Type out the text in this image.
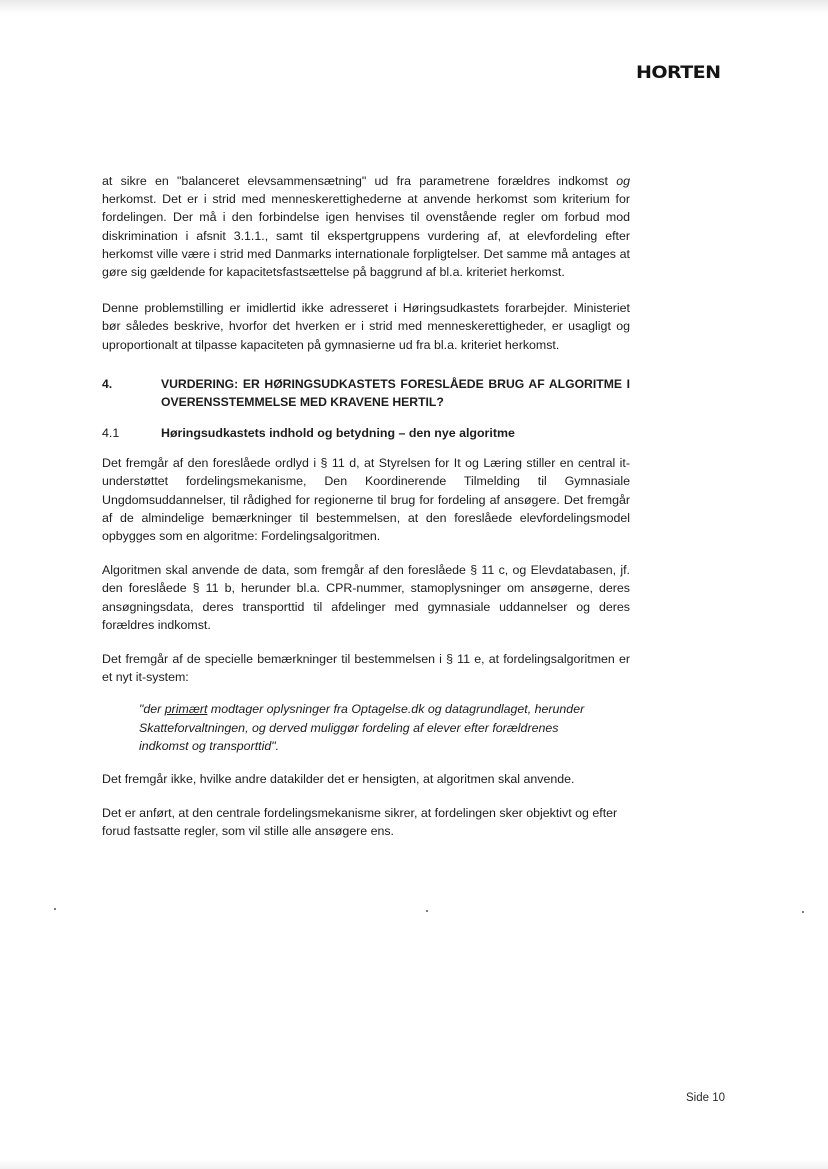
HORTEN

at sikre en "balanceret elevsammensætning" ud fra parametrene forældres indkomst og herkomst. Det er i strid med menneskerettighederne at anvende herkomst som kriterium for fordelingen. Der må i den forbindelse igen henvises til ovenstående regler om forbud mod diskrimination i afsnit 3.1.1., samt til ekspertgruppens vurdering af, at elevfordeling efter herkomst ville være i strid med Danmarks internationale forpligtelser. Det samme må antages at gøre sig gældende for kapacitetsfastsættelse på baggrund af bl.a. kriteriet herkomst.

Denne problemstilling er imidlertid ikke adresseret i Høringsudkastets forarbejder. Ministeriet bør således beskrive, hvorfor det hverken er i strid med menneskerettigheder, er usagligt og uproportionalt at tilpasse kapaciteten på gymnasierne ud fra bl.a. kriteriet herkomst.

4.	VURDERING: ER HØRINGSUDKASTETS FORESLÅEDE BRUG AF ALGORITME I OVERENSSTEMMELSE MED KRAVENE HERTIL?
4.1	Høringsudkastets indhold og betydning – den nye algoritme

Det fremgår af den foreslåede ordlyd i § 11 d, at Styrelsen for It og Læring stiller en central it-understøttet fordelingsmekanisme, Den Koordinerende Tilmelding til Gymnasiale Ungdomsuddannelser, til rådighed for regionerne til brug for fordeling af ansøgere. Det fremgår af de almindelige bemærkninger til bestemmelsen, at den foreslåede elevfordelingsmodel opbygges som en algoritme: Fordelingsalgoritmen.

Algoritmen skal anvende de data, som fremgår af den foreslåede § 11 c, og Elevdatabasen, jf. den foreslåede § 11 b, herunder bl.a. CPR-nummer, stamoplysninger om ansøgerne, deres ansøgningsdata, deres transporttid til afdelinger med gymnasiale uddannelser og deres forældres indkomst.

Det fremgår af de specielle bemærkninger til bestemmelsen i § 11 e, at fordelingsalgoritmen er et nyt it-system:

"der primært modtager oplysninger fra Optagelse.dk og datagrundlaget, herunder Skatteforvaltningen, og derved muliggør fordeling af elever efter forældrenes indkomst og transporttid".

Det fremgår ikke, hvilke andre datakilder det er hensigten, at algoritmen skal anvende.

Det er anført, at den centrale fordelingsmekanisme sikrer, at fordelingen sker objektivt og efter forud fastsatte regler, som vil stille alle ansøgere ens.

Side 10
